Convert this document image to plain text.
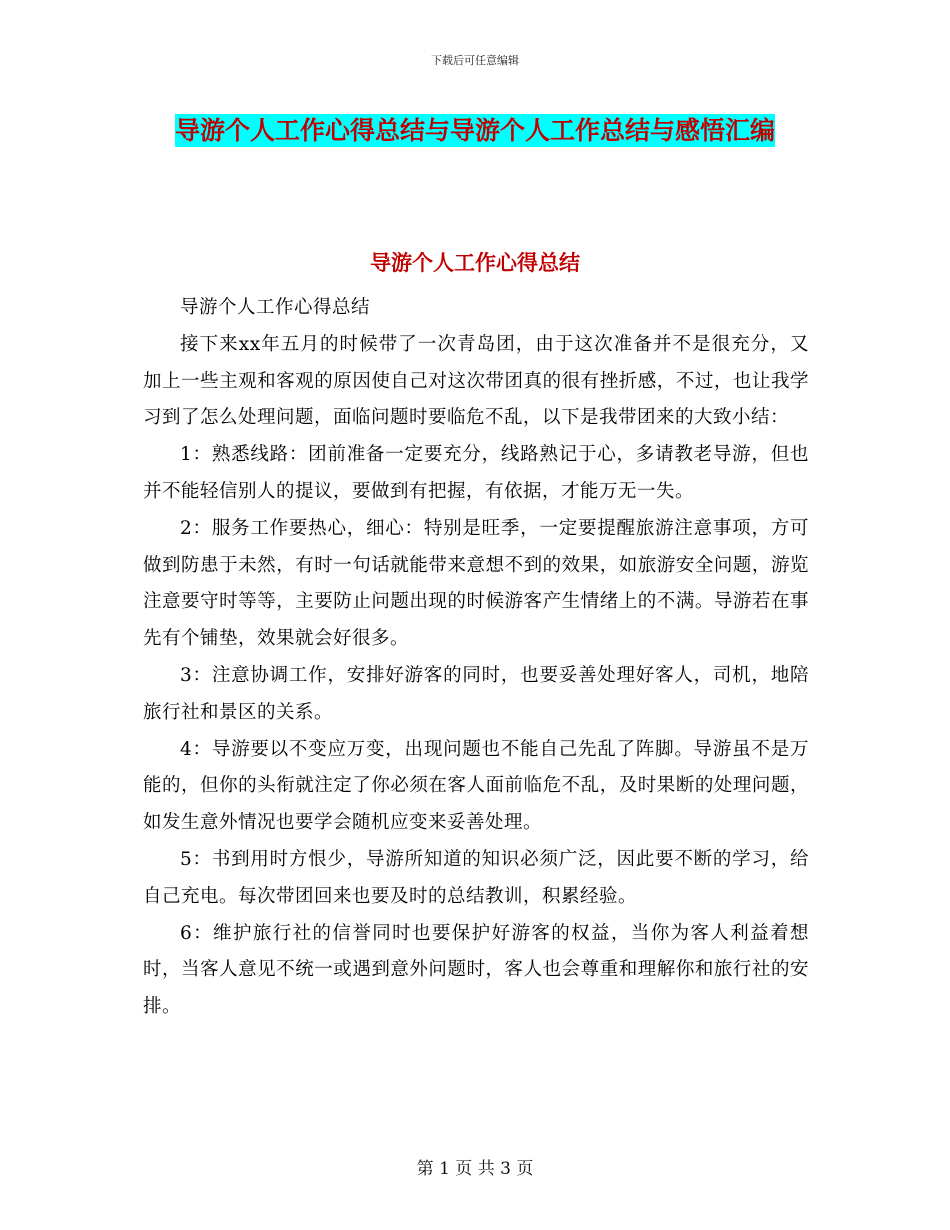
下载后可任意编辑
导游个人工作心得总结与导游个人工作总结与感悟汇编
导游个人工作心得总结

导游个人工作心得总结

接下来xx年五月的时候带了一次青岛团，由于这次准备并不是很充分，又加上一些主观和客观的原因使自己对这次带团真的很有挫折感，不过，也让我学习到了怎么处理问题，面临问题时要临危不乱，以下是我带团来的大致小结：

1：熟悉线路：团前准备一定要充分，线路熟记于心，多请教老导游，但也并不能轻信别人的提议，要做到有把握，有依据，才能万无一失。

2：服务工作要热心，细心：特别是旺季，一定要提醒旅游注意事项，方可做到防患于未然，有时一句话就能带来意想不到的效果，如旅游安全问题，游览注意要守时等等，主要防止问题出现的时候游客产生情绪上的不满。导游若在事先有个铺垫，效果就会好很多。

3：注意协调工作，安排好游客的同时，也要妥善处理好客人，司机，地陪旅行社和景区的关系。

4：导游要以不变应万变，出现问题也不能自己先乱了阵脚。导游虽不是万能的，但你的头衔就注定了你必须在客人面前临危不乱，及时果断的处理问题，如发生意外情况也要学会随机应变来妥善处理。

5：书到用时方恨少，导游所知道的知识必须广泛，因此要不断的学习，给自己充电。每次带团回来也要及时的总结教训，积累经验。

6：维护旅行社的信誉同时也要保护好游客的权益，当你为客人利益着想时，当客人意见不统一或遇到意外问题时，客人也会尊重和理解你和旅行社的安排。

第 1 页 共 3 页
